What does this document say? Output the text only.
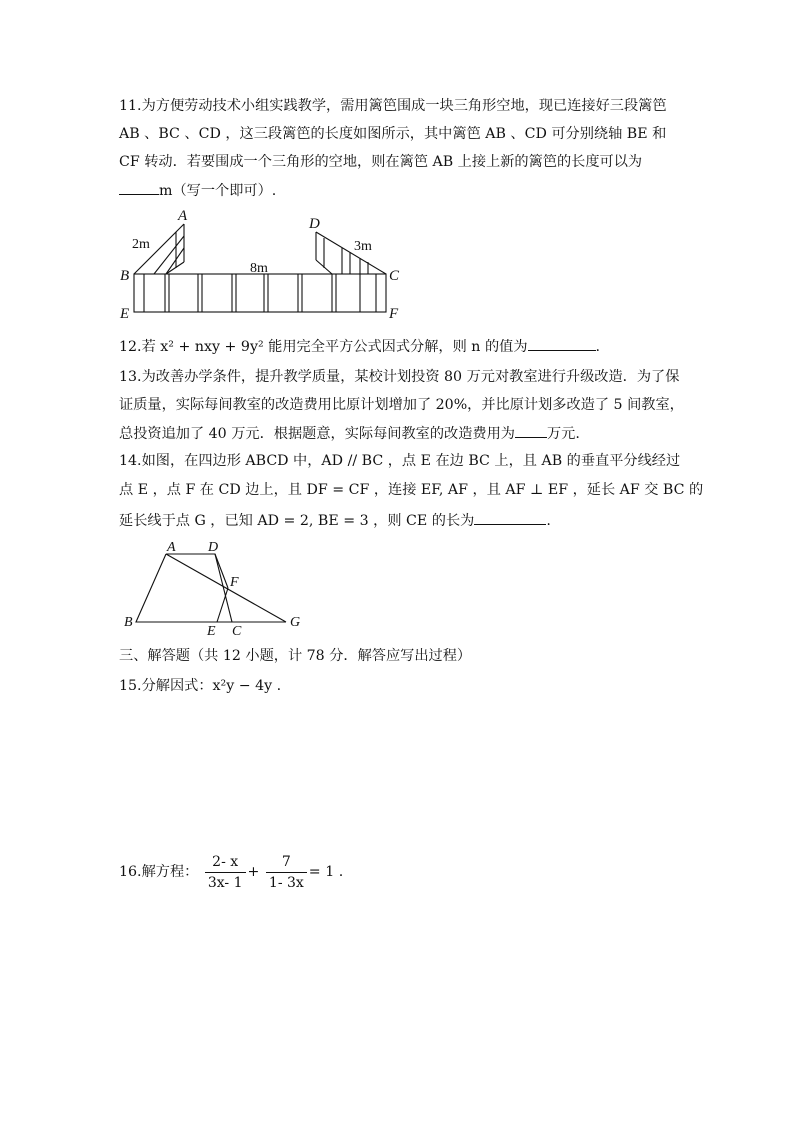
11.为方便劳动技术小组实践教学，需用篱笆围成一块三角形空地，现已连接好三段篱笆
AB 、BC 、CD ，这三段篱笆的长度如图所示，其中篱笆 AB 、CD 可分别绕轴 BE 和
CF 转动．若要围成一个三角形的空地，则在篱笆 AB 上接上新的篱笆的长度可以为
m（写一个即可）.
A	D
B	C
E	F
2m
8m
3m
12.若 x² + nxy + 9y² 能用完全平方公式因式分解，则 n 的值为	.
13.为改善办学条件，提升教学质量，某校计划投资 80 万元对教室进行升级改造．为了保
证质量，实际每间教室的改造费用比原计划增加了 20%，并比原计划多改造了 5 间教室，
总投资追加了 40 万元．根据题意，实际每间教室的改造费用为 万元.
14.如图，在四边形 ABCD 中，AD // BC ，点 E 在边 BC 上，且 AB 的垂直平分线经过
点 E ，点 F 在 CD 边上，且 DF = CF ，连接 EF, AF ，且 AF ⊥ EF ，延长 AF 交 BC 的
延长线于点 G ，已知 AD = 2, BE = 3 ，则 CE 的长为	.
A D
F
B
E C
G
三、解答题（共 12 小题，计 78 分．解答应写出过程）
15.分解因式：x²y − 4y .
16.解方程： $\frac{2- x}{3x- 1} + \frac{7}{1- 3x} = 1$ .
